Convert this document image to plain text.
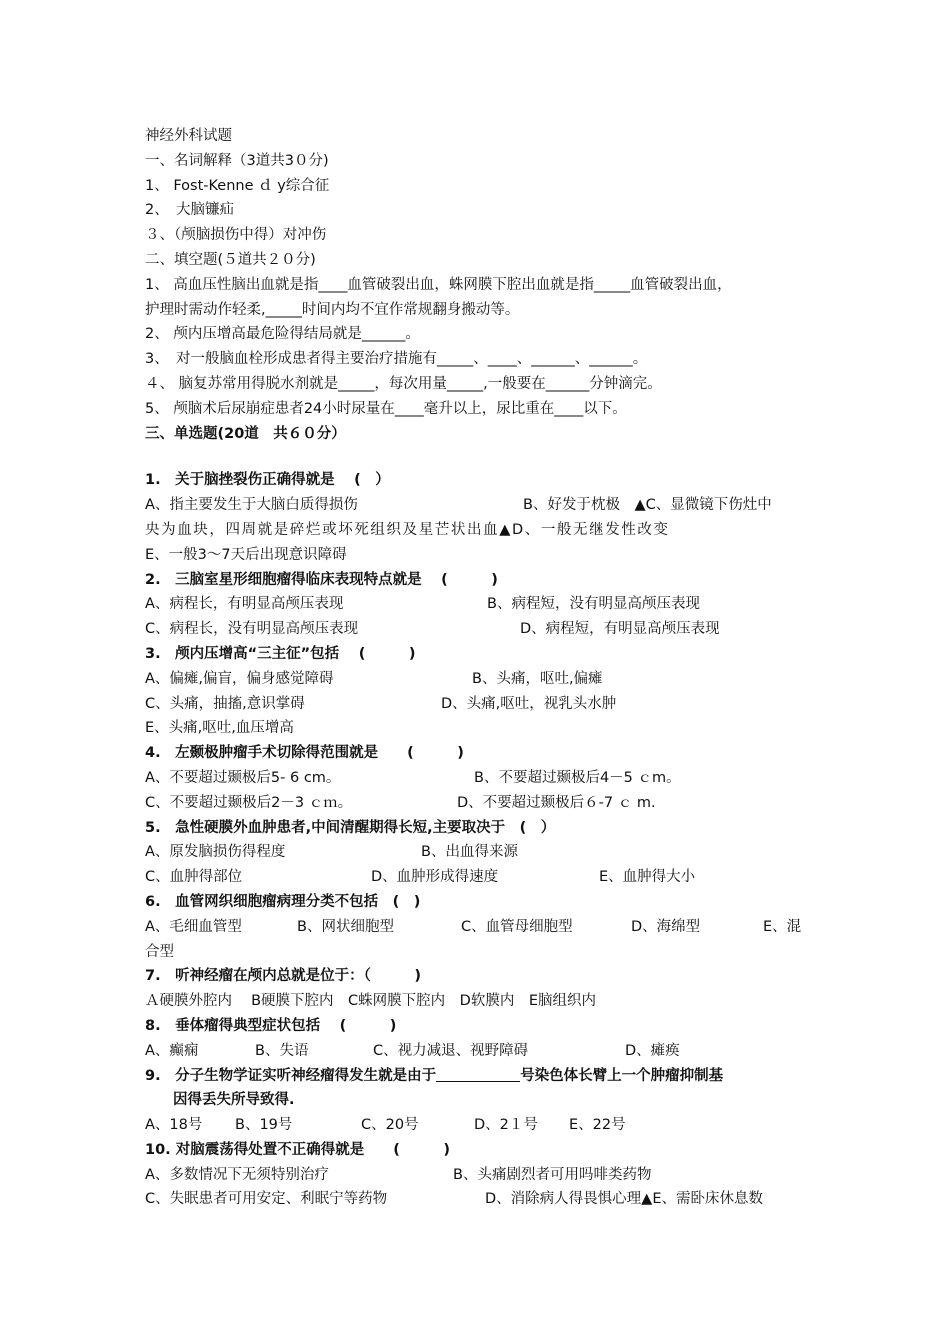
神经外科试题
一、名词解释（3道共3０分)
1、 Fost-Kenne ｄ y综合征
2、　大脑镰疝
３、（颅脑损伤中得）对冲伤
二、填空题(５道共２０分)
1、 高血压性脑出血就是指____血管破裂出血，蛛网膜下腔出血就是指_____血管破裂出血，
护理时需动作轻柔,_____时间内均不宜作常规翻身搬动等。
2、 颅内压增高最危险得结局就是______。
3、　对一般脑血栓形成患者得主要治疗措施有_____、____、______、______。
４、 脑复苏常用得脱水剂就是_____，每次用量_____,一般要在______分钟滴完。
5、 颅脑术后尿崩症患者24小时尿量在____毫升以上，尿比重在____以下。
三、单选题(20道　共６０分）
1.　关于脑挫裂伤正确得就是　 (　）
A、指主要发生于大脑白质得损伤	B、好发于枕极　▲C、显微镜下伤灶中
央为血块，四周就是碎烂或坏死组织及星芒状出血▲D、一般无继发性改变
E、一般3～7天后出现意识障碍
2.　三脑室星形细胞瘤得临床表现特点就是　 (　　　)
A、病程长，有明显高颅压表现	B、病程短，没有明显高颅压表现
C、病程长，没有明显高颅压表现	D、病程短，有明显高颅压表现
3.　颅内压增高“三主征”包括　 (　　　)
A、偏瘫,偏盲，偏身感觉障碍	B、头痛，呕吐,偏瘫
C、头痛，抽搐,意识掌碍	D、头痛,呕吐，视乳头水肿
E、头痛,呕吐,血压增高
4.　左颞极肿瘤手术切除得范围就是　　(　　　)
A、不要超过颞极后5- 6 cm。	B、不要超过颞极后4－5 ｃm。
C、不要超过颞极后2－3 ｃｍ。	D、不要超过颞极后６-7 ｃ m.
5.　急性硬膜外血肿患者,中间清醒期得长短,主要取决于　(　）
A、原发脑损伤得程度	B、出血得来源
C、血肿得部位	D、血肿形成得速度	E、血肿得大小
6.　血管网织细胞瘤病理分类不包括　(　)
A、毛细血管型	B、网状细胞型	C、血管母细胞型	D、海绵型	E、混
合型
7.　听神经瘤在颅内总就是位于：（　　　)
Ａ硬膜外腔内　 B硬膜下腔内　C蛛网膜下腔内　D软膜内　E脑组织内
8.　垂体瘤得典型症状包括　 (　　　)
A、癫痫	B、失语	C、视力减退、视野障碍	D、瘫痪
9.　分子生物学证实听神经瘤得发生就是由于	号染色体长臂上一个肿瘤抑制基
因得丢失所导致得.
A、18号	B、19号	C、20号	D、2１号	E、22号
10. 对脑震荡得处置不正确得就是　　(　　　)
A、多数情况下无须特别治疗	B、头痛剧烈者可用吗啡类药物
C、失眠患者可用安定、利眠宁等药物	D、消除病人得畏惧心理▲E、需卧床休息数
